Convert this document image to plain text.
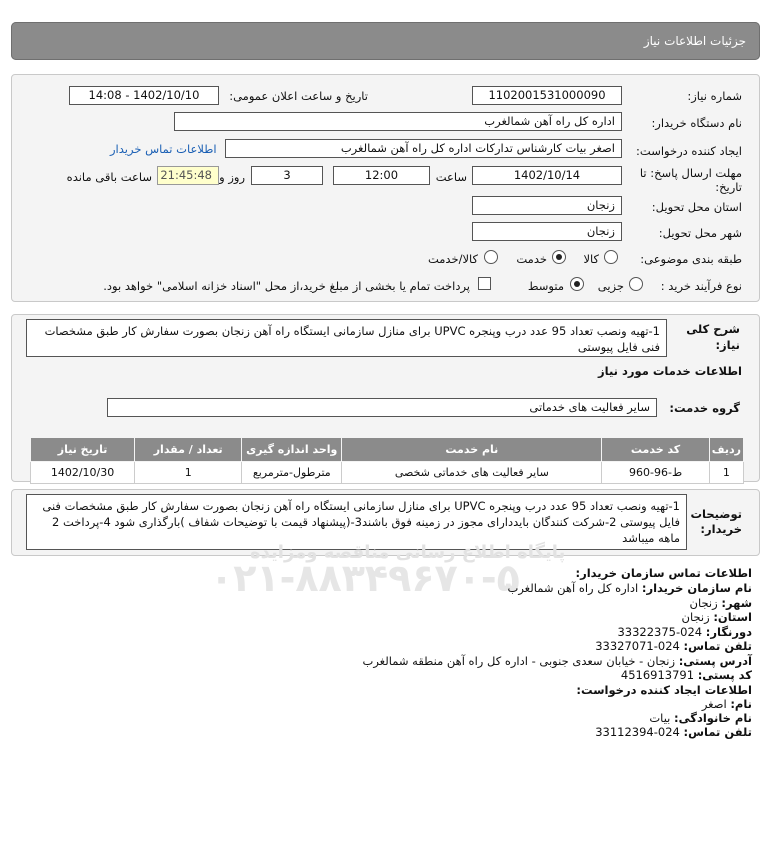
جزئیات اطلاعات نیاز
شماره نیاز:
1102001531000090
تاریخ و ساعت اعلان عمومی:
1402/10/10 - 14:08
نام دستگاه خریدار:
اداره کل راه آهن شمالغرب
ایجاد کننده درخواست:
اصغر بیات کارشناس تدارکات اداره کل راه آهن شمالغرب
اطلاعات تماس خریدار
مهلت ارسال پاسخ: تا
تاریخ:
1402/10/14
ساعت
12:00
3
روز و
21:45:48
ساعت باقی مانده
استان محل تحویل:
زنجان
شهر محل تحویل:
زنجان
طبقه بندی موضوعی:
کالا
خدمت
کالا/خدمت
نوع فرآیند خرید :
جزیی
متوسط
پرداخت تمام یا بخشی از مبلغ خرید،از محل "اسناد خزانه اسلامی" خواهد بود.
شرح کلی
نیاز:
1-تهیه ونصب تعداد 95 عدد درب وپنجره UPVC برای منازل سازمانی ایستگاه راه آهن زنجان بصورت سفارش کار طبق مشخصات فنی فایل پیوستی
اطلاعات خدمات مورد نیاز
گروه خدمت:
سایر فعالیت های خدماتی
ردیف	کد خدمت	نام خدمت	واحد اندازه گیری	تعداد / مقدار	تاریخ نیاز
1	ط-96-960	سایر فعالیت های خدماتی شخصی	مترطول-مترمربع	1	1402/10/30
توضیحات
خریدار:
1-تهیه ونصب تعداد 95 عدد درب وپنجره UPVC برای منازل سازمانی ایستگاه راه آهن زنجان بصورت سفارش کار طبق مشخصات فنی فایل پیوستی 2-شرکت کنندگان بایددارای مجوز در زمینه فوق باشند3-(پیشنهاد قیمت با توضیحات شفاف )بارگذاری شود 4-پرداخت 2 ماهه میباشد
پایگاه اطلاع رسانی مناقصه ومزایده
۰۲۱-۸۸۳۴۹۶۷۰-۵	اطلاعات تماس سازمان خریدار:
نام سازمان خریدار: اداره کل راه آهن شمالغرب
شهر: زنجان
استان: زنجان
دورنگار: 024-33322375
تلفن تماس: 024-33327071
آدرس پستی: زنجان - خیابان سعدی جنوبی - اداره کل راه آهن منطقه شمالغرب
کد پستی: 4516913791
اطلاعات ایجاد کننده درخواست:
نام: اصغر
نام خانوادگی: بیات
تلفن تماس: 024-33112394
